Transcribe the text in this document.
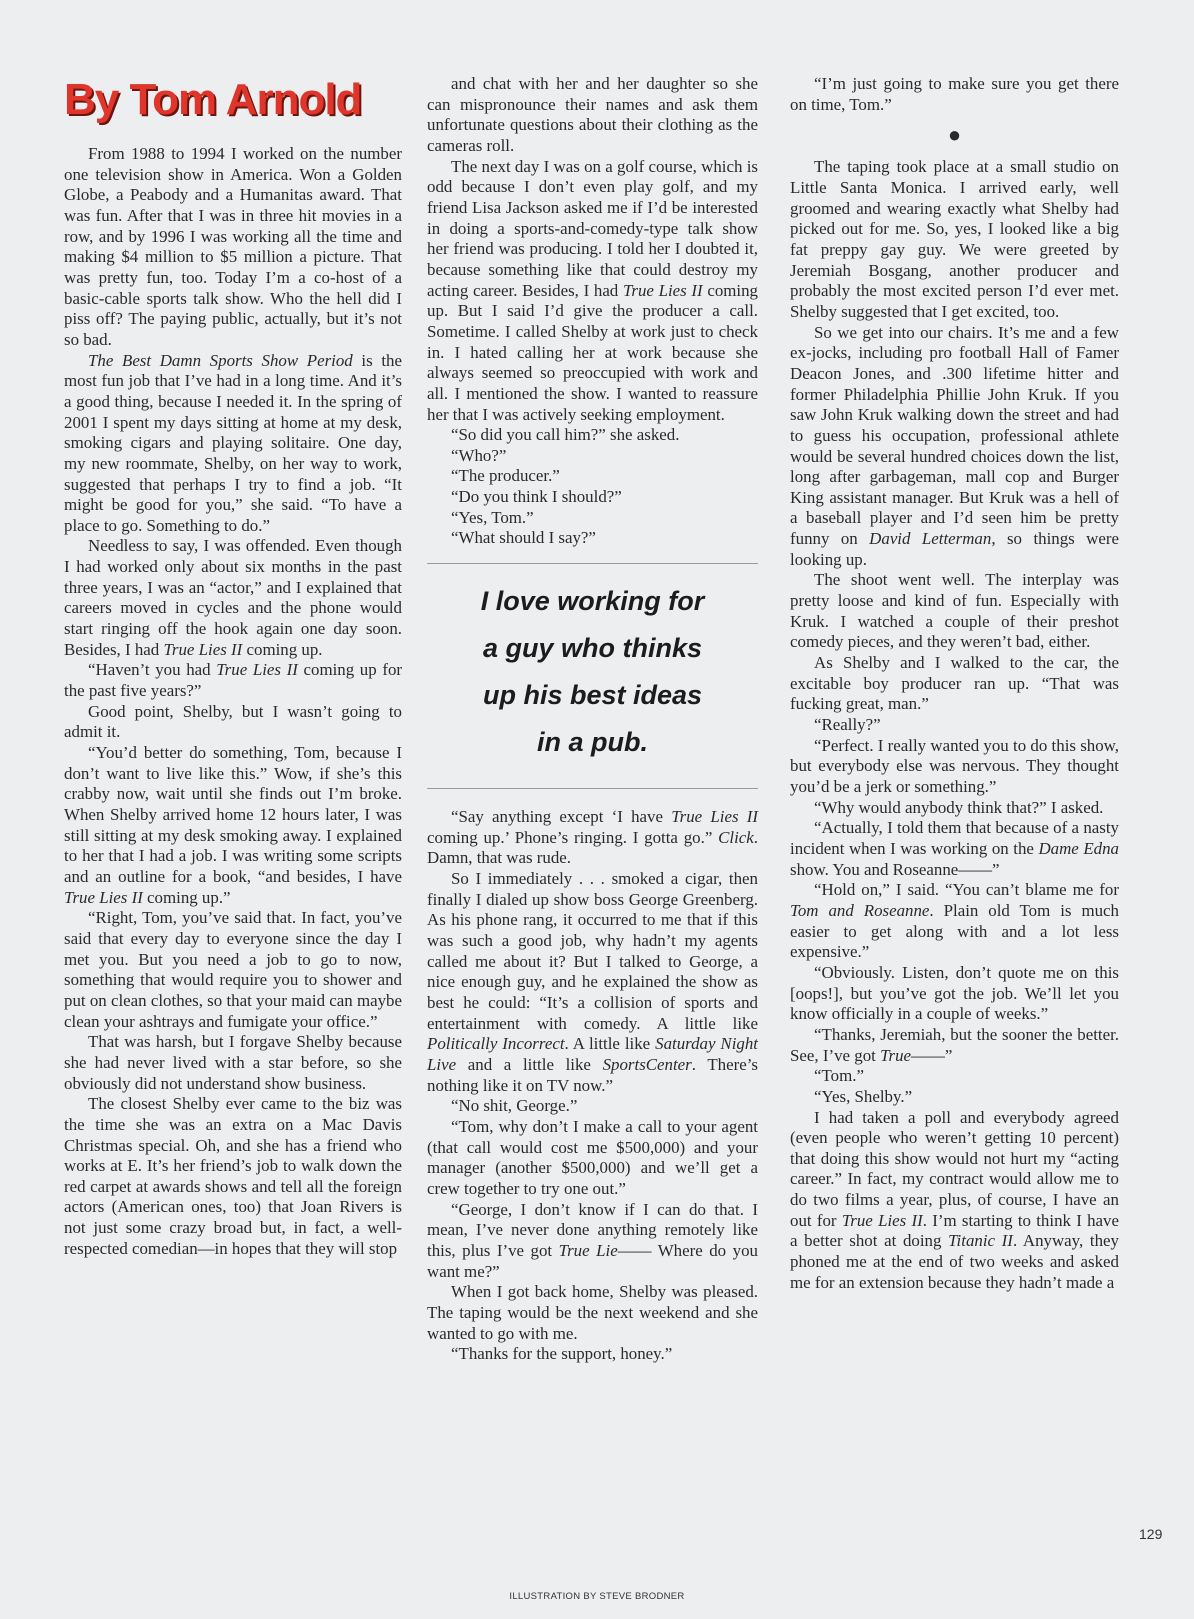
By Tom Arnold

From 1988 to 1994 I worked on the number one television show in America. Won a Golden Globe, a Peabody and a Humanitas award. That was fun. After that I was in three hit movies in a row, and by 1996 I was working all the time and making $4 million to $5 million a picture. That was pretty fun, too. Today I’m a co-host of a basic-cable sports talk show. Who the hell did I piss off? The paying public, actually, but it’s not so bad.

The Best Damn Sports Show Period is the most fun job that I’ve had in a long time. And it’s a good thing, because I needed it. In the spring of 2001 I spent my days sitting at home at my desk, smoking cigars and playing solitaire. One day, my new roommate, Shelby, on her way to work, suggested that perhaps I try to find a job. “It might be good for you,” she said. “To have a place to go. Something to do.”

Needless to say, I was offended. Even though I had worked only about six months in the past three years, I was an “actor,” and I explained that careers moved in cycles and the phone would start ringing off the hook again one day soon. Besides, I had True Lies II coming up.

“Haven’t you had True Lies II coming up for the past five years?”

Good point, Shelby, but I wasn’t going to admit it.

“You’d better do something, Tom, because I don’t want to live like this.” Wow, if she’s this crabby now, wait until she finds out I’m broke. When Shelby arrived home 12 hours later, I was still sitting at my desk smoking away. I explained to her that I had a job. I was writing some scripts and an outline for a book, “and besides, I have True Lies II coming up.”

“Right, Tom, you’ve said that. In fact, you’ve said that every day to everyone since the day I met you. But you need a job to go to now, something that would require you to shower and put on clean clothes, so that your maid can maybe clean your ashtrays and fumigate your office.”

That was harsh, but I forgave Shelby because she had never lived with a star before, so she obviously did not understand show business.

The closest Shelby ever came to the biz was the time she was an extra on a Mac Davis Christmas special. Oh, and she has a friend who works at E. It’s her friend’s job to walk down the red carpet at awards shows and tell all the foreign actors (American ones, too) that Joan Rivers is not just some crazy broad but, in fact, a well-respected comedian—in hopes that they will stop

and chat with her and her daughter so she can mispronounce their names and ask them unfortunate questions about their clothing as the cameras roll.

The next day I was on a golf course, which is odd because I don’t even play golf, and my friend Lisa Jackson asked me if I’d be interested in doing a sports-and-comedy-type talk show her friend was producing. I told her I doubted it, because something like that could destroy my acting career. Besides, I had True Lies II coming up. But I said I’d give the producer a call. Sometime. I called Shelby at work just to check in. I hated calling her at work because she always seemed so preoccupied with work and all. I mentioned the show. I wanted to reassure her that I was actively seeking employment.

“So did you call him?” she asked.

“Who?”

“The producer.”

“Do you think I should?”

“Yes, Tom.”

“What should I say?”

I love working for
a guy who thinks
up his best ideas
in a pub.

“Say anything except ‘I have True Lies II coming up.’ Phone’s ringing. I gotta go.” Click. Damn, that was rude.

So I immediately . . . smoked a cigar, then finally I dialed up show boss George Greenberg. As his phone rang, it occurred to me that if this was such a good job, why hadn’t my agents called me about it? But I talked to George, a nice enough guy, and he explained the show as best he could: “It’s a collision of sports and entertainment with comedy. A little like Politically Incorrect. A little like Saturday Night Live and a little like SportsCenter. There’s nothing like it on TV now.”

“No shit, George.”

“Tom, why don’t I make a call to your agent (that call would cost me $500,000) and your manager (another $500,000) and we’ll get a crew together to try one out.”

“George, I don’t know if I can do that. I mean, I’ve never done anything remotely like this, plus I’ve got True Lie—— Where do you want me?”

When I got back home, Shelby was pleased. The taping would be the next weekend and she wanted to go with me.

“Thanks for the support, honey.”

“I’m just going to make sure you get there on time, Tom.”

●

The taping took place at a small studio on Little Santa Monica. I arrived early, well groomed and wearing exactly what Shelby had picked out for me. So, yes, I looked like a big fat preppy gay guy. We were greeted by Jeremiah Bosgang, another producer and probably the most excited person I’d ever met. Shelby suggested that I get excited, too.

So we get into our chairs. It’s me and a few ex-jocks, including pro football Hall of Famer Deacon Jones, and .300 lifetime hitter and former Philadelphia Phillie John Kruk. If you saw John Kruk walking down the street and had to guess his occupation, professional athlete would be several hundred choices down the list, long after garbageman, mall cop and Burger King assistant manager. But Kruk was a hell of a baseball player and I’d seen him be pretty funny on David Letterman, so things were looking up.

The shoot went well. The interplay was pretty loose and kind of fun. Especially with Kruk. I watched a couple of their preshot comedy pieces, and they weren’t bad, either.

As Shelby and I walked to the car, the excitable boy producer ran up. “That was fucking great, man.”

“Really?”

“Perfect. I really wanted you to do this show, but everybody else was nervous. They thought you’d be a jerk or something.”

“Why would anybody think that?” I asked.

“Actually, I told them that because of a nasty incident when I was working on the Dame Edna show. You and Roseanne——”

“Hold on,” I said. “You can’t blame me for Tom and Roseanne. Plain old Tom is much easier to get along with and a lot less expensive.”

“Obviously. Listen, don’t quote me on this [oops!], but you’ve got the job. We’ll let you know officially in a couple of weeks.”

“Thanks, Jeremiah, but the sooner the better. See, I’ve got True——”

“Tom.”

“Yes, Shelby.”

I had taken a poll and everybody agreed (even people who weren’t getting 10 percent) that doing this show would not hurt my “acting career.” In fact, my contract would allow me to do two films a year, plus, of course, I have an out for True Lies II. I’m starting to think I have a better shot at doing Titanic II. Anyway, they phoned me at the end of two weeks and asked me for an extension because they hadn’t made a

129
ILLUSTRATION BY STEVE BRODNER
